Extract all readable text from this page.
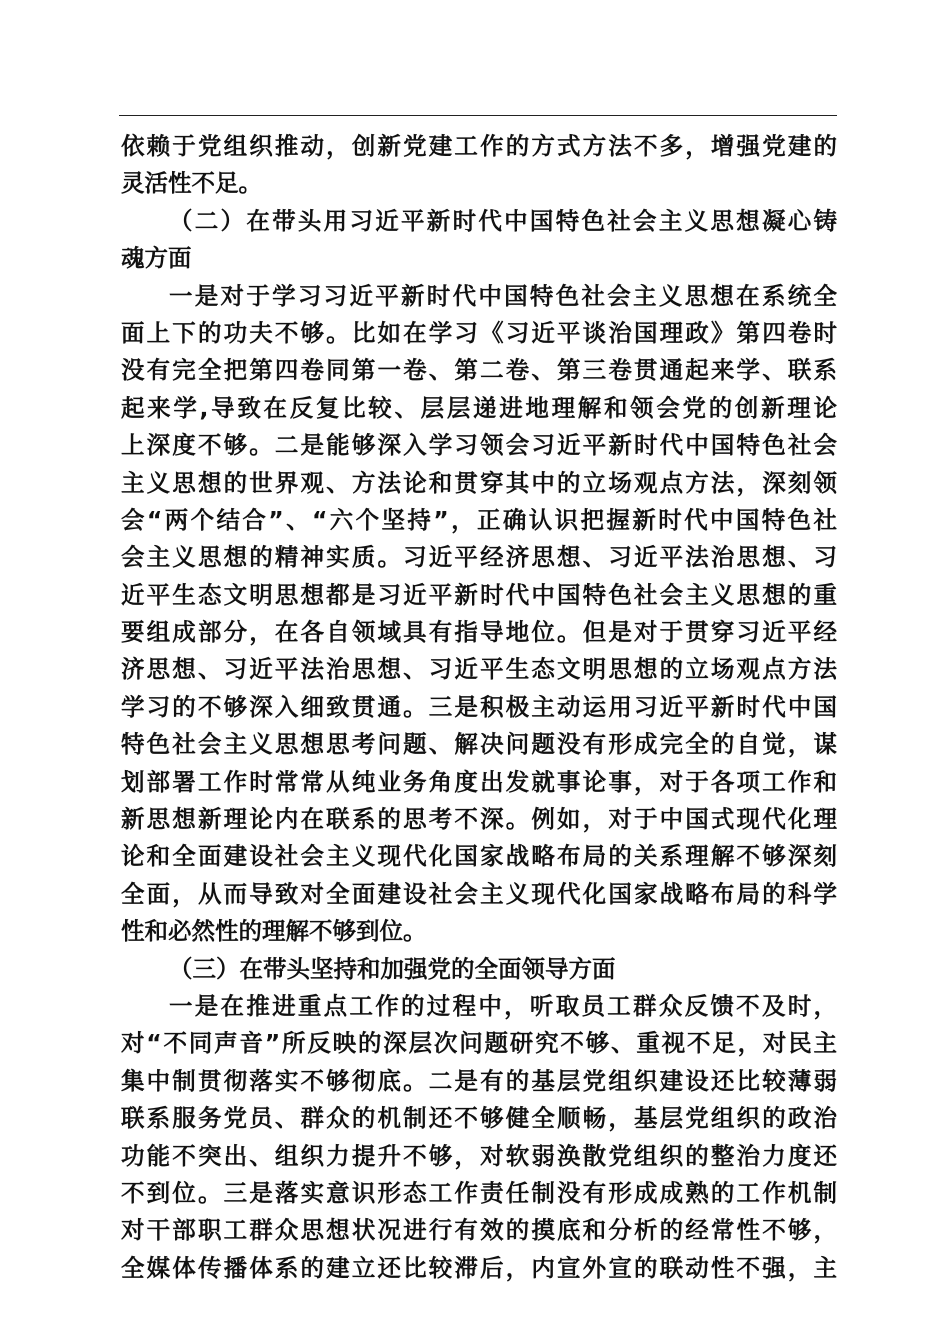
依赖于党组织推动，创新党建工作的方式方法不多，增强党建的
灵活性不足。
（二）在带头用习近平新时代中国特色社会主义思想凝心铸
魂方面
一是对于学习习近平新时代中国特色社会主义思想在系统全
面上下的功夫不够。比如在学习《习近平谈治国理政》第四卷时
没有完全把第四卷同第一卷、第二卷、第三卷贯通起来学、联系
起来学,导致在反复比较、层层递进地理解和领会党的创新理论
上深度不够。二是能够深入学习领会习近平新时代中国特色社会
主义思想的世界观、方法论和贯穿其中的立场观点方法，深刻领
会“两个结合”、“六个坚持”，正确认识把握新时代中国特色社
会主义思想的精神实质。习近平经济思想、习近平法治思想、习
近平生态文明思想都是习近平新时代中国特色社会主义思想的重
要组成部分，在各自领域具有指导地位。但是对于贯穿习近平经
济思想、习近平法治思想、习近平生态文明思想的立场观点方法
学习的不够深入细致贯通。三是积极主动运用习近平新时代中国
特色社会主义思想思考问题、解决问题没有形成完全的自觉，谋
划部署工作时常常从纯业务角度出发就事论事，对于各项工作和
新思想新理论内在联系的思考不深。例如，对于中国式现代化理
论和全面建设社会主义现代化国家战略布局的关系理解不够深刻
全面，从而导致对全面建设社会主义现代化国家战略布局的科学
性和必然性的理解不够到位。
（三）在带头坚持和加强党的全面领导方面
一是在推进重点工作的过程中，听取员工群众反馈不及时，
对“不同声音”所反映的深层次问题研究不够、重视不足，对民主
集中制贯彻落实不够彻底。二是有的基层党组织建设还比较薄弱
联系服务党员、群众的机制还不够健全顺畅，基层党组织的政治
功能不突出、组织力提升不够，对软弱涣散党组织的整治力度还
不到位。三是落实意识形态工作责任制没有形成成熟的工作机制
对干部职工群众思想状况进行有效的摸底和分析的经常性不够，
全媒体传播体系的建立还比较滞后，内宣外宣的联动性不强，主
